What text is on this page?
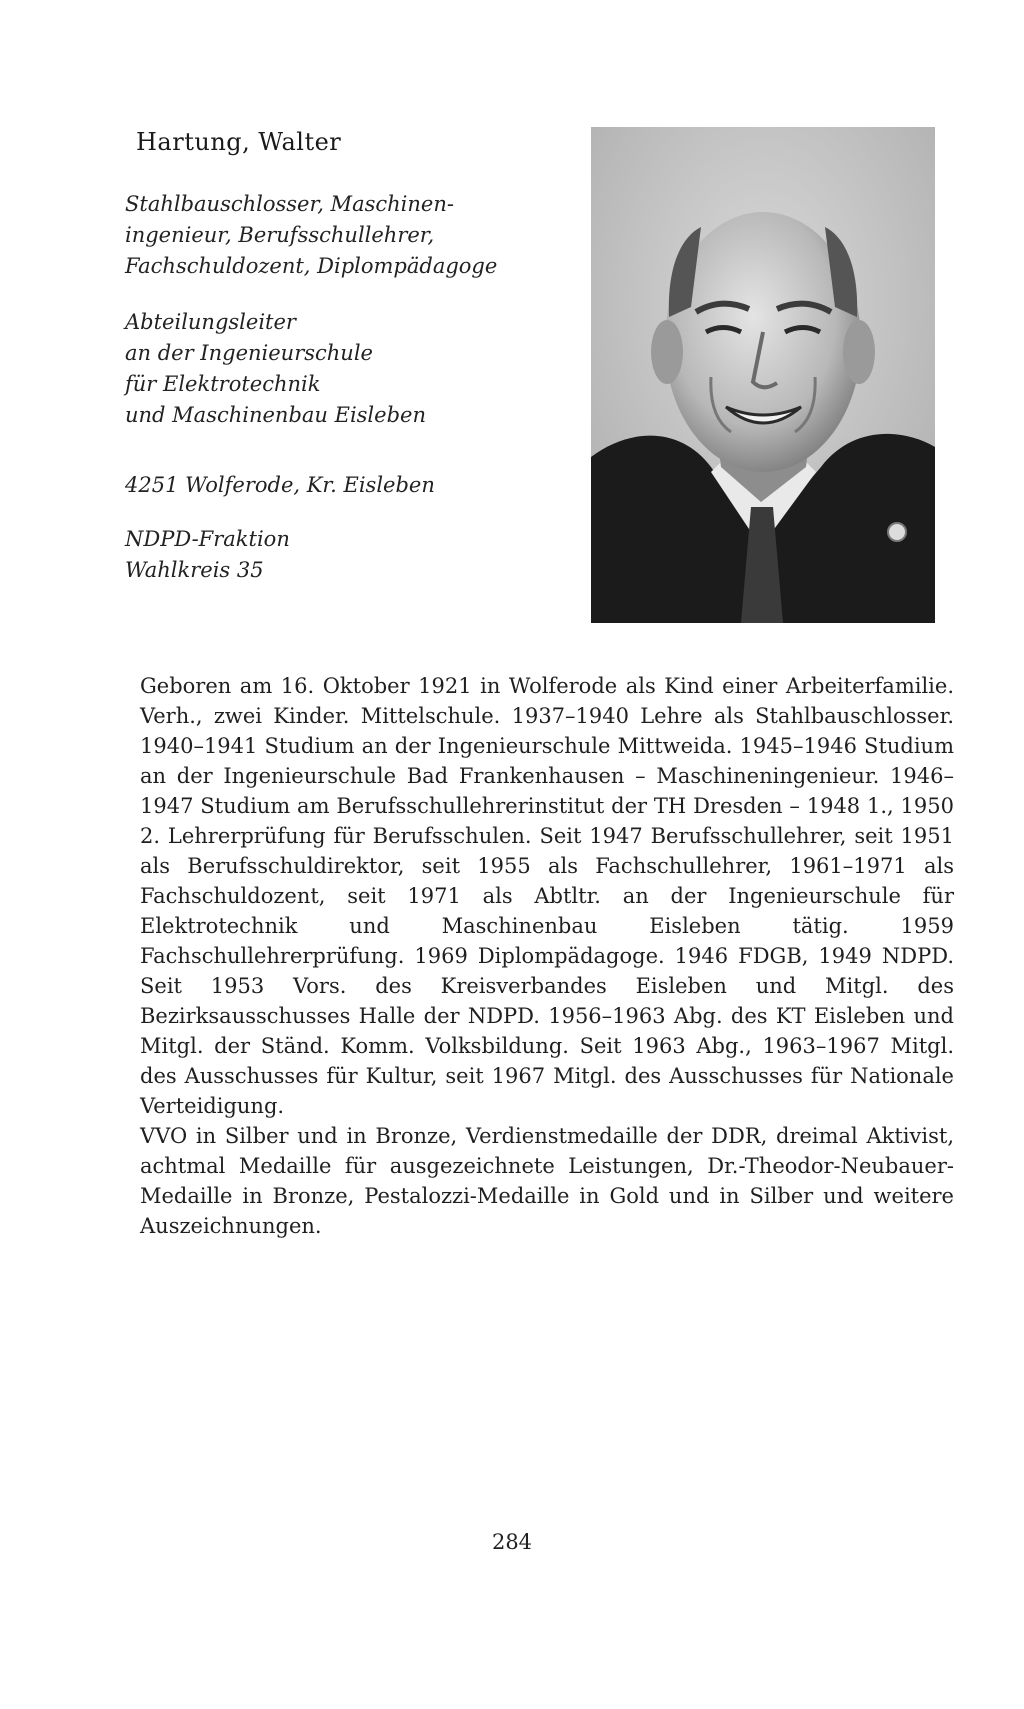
Hartung, Walter
Stahlbauschlosser, Maschinen-
ingenieur, Berufsschullehrer,
Fachschuldozent, Diplompädagoge
Abteilungsleiter
an der Ingenieurschule
für Elektrotechnik
und Maschinenbau Eisleben
4251 Wolferode, Kr. Eisleben
NDPD-Fraktion
Wahlkreis 35

Geboren am 16. Oktober 1921 in Wolferode als Kind einer Arbeiterfamilie. Verh., zwei Kinder. Mittelschule. 1937–1940 Lehre als Stahlbauschlosser. 1940–1941 Studium an der Ingenieurschule Mittweida. 1945–1946 Studium an der Ingenieurschule Bad Frankenhausen – Maschineningenieur. 1946–1947 Studium am Berufsschullehrerinstitut der TH Dresden – 1948 1., 1950 2. Lehrerprüfung für Berufsschulen. Seit 1947 Berufsschullehrer, seit 1951 als Berufsschuldirektor, seit 1955 als Fachschullehrer, 1961–1971 als Fachschuldozent, seit 1971 als Abtltr. an der Ingenieurschule für Elektrotechnik und Maschinenbau Eisleben tätig. 1959 Fachschullehrerprüfung. 1969 Diplompädagoge. 1946 FDGB, 1949 NDPD. Seit 1953 Vors. des Kreisverbandes Eisleben und Mitgl. des Bezirksausschusses Halle der NDPD. 1956–1963 Abg. des KT Eisleben und Mitgl. der Ständ. Komm. Volksbildung. Seit 1963 Abg., 1963–1967 Mitgl. des Ausschusses für Kultur, seit 1967 Mitgl. des Ausschusses für Nationale Verteidigung.

VVO in Silber und in Bronze, Verdienstmedaille der DDR, dreimal Aktivist, achtmal Medaille für ausgezeichnete Leistungen, Dr.-Theodor-Neubauer-Medaille in Bronze, Pestalozzi-Medaille in Gold und in Silber und weitere Auszeichnungen.

284
